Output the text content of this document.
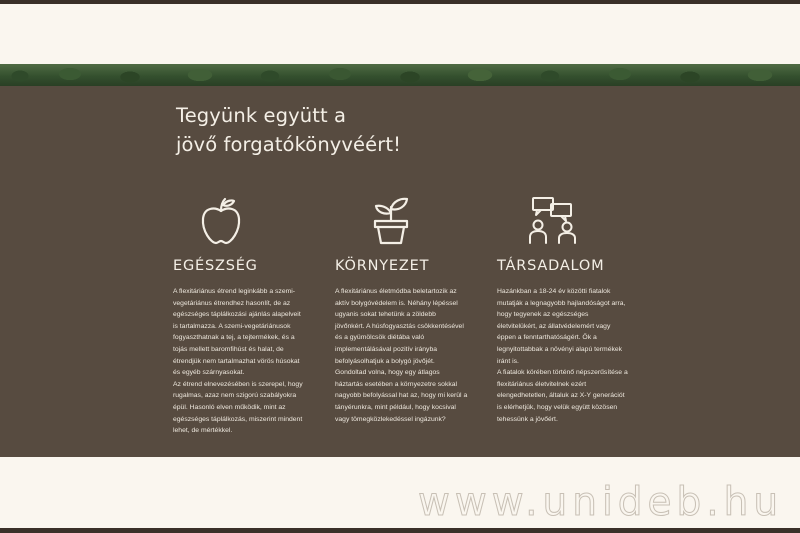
Tegyünk együtt a
jövő forgatókönyvéért!
EGÉSZSÉG

A flexitáriánus étrend leginkább a szemi-
vegetáriánus étrendhez hasonlít, de az
egészséges táplálkozási ajánlás alapelveit
is tartalmazza. A szemi-vegetáriánusok
fogyaszthatnak a tej, a tejtermékek, és a
tojás mellett baromfihúst és halat, de
étrendjük nem tartalmazhat vörös húsokat
és egyéb szárnyasokat.
Az étrend elnevezésében is szerepel, hogy
rugalmas, azaz nem szigorú szabályokra
épül. Hasonló elven működik, mint az
egészséges táplálkozás, miszerint mindent
lehet, de mértékkel.

KÖRNYEZET

A flexitáriánus életmódba beletartozik az
aktív bolygóvédelem is. Néhány lépéssel
ugyanis sokat tehetünk a zöldebb
jövőnkért. A húsfogyasztás csökkentésével
és a gyümölcsök diétába való
implementálásával pozitív irányba
befolyásolhatjuk a bolygó jövőjét.
Gondoltad volna, hogy egy átlagos
háztartás esetében a környezetre sokkal
nagyobb befolyással hat az, hogy mi kerül a
tányérunkra, mint például, hogy kocsival
vagy tömegközlekedéssel ingázunk?

TÁRSADALOM

Hazánkban a 18-24 év közötti fiatalok
mutatják a legnagyobb hajlandóságot arra,
hogy tegyenek az egészséges
életvitelükért, az állatvédelemért vagy
éppen a fenntarthatóságért. Ők a
legnyitottabbak a növényi alapú termékek
iránt is.
A fiatalok körében történő népszerűsítése a
flexitáriánus életvitelnek ezért
elengedhetetlen, általuk az X-Y generációt
is elérhetjük, hogy velük együtt közösen
tehessünk a jövőért.

www.unideb.hu
